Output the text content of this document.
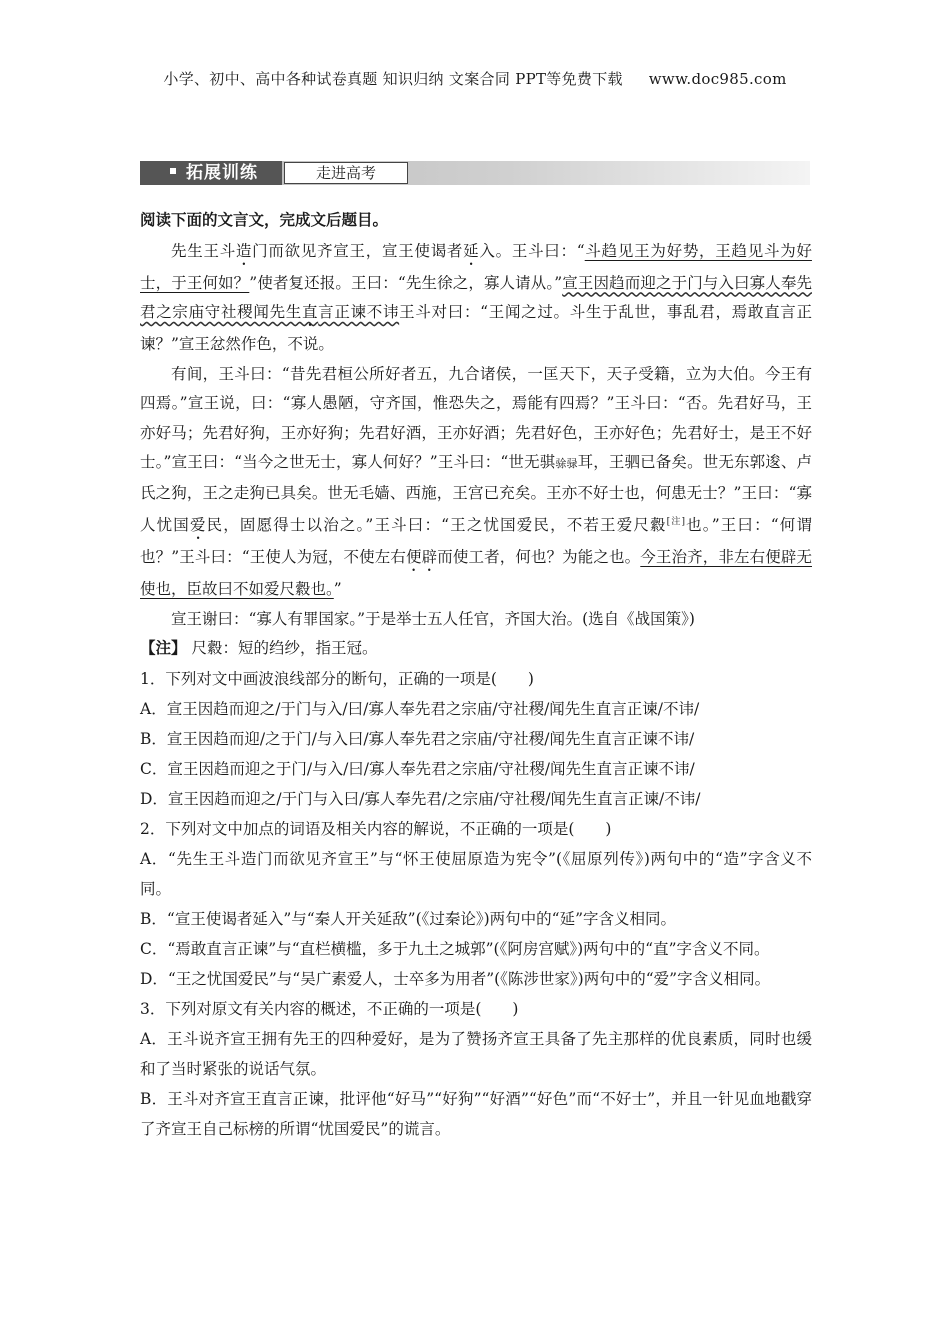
小学、初中、高中各种试卷真题 知识归纳 文案合同 PPT等免费下载 www.doc985.com
拓展训练	走进高考

阅读下面的文言文，完成文后题目。

先生王斗造门而欲见齐宣王，宣王使谒者延入。王斗曰：“斗趋见王为好势，王趋见斗为好士，于王何如？”使者复还报。王曰：“先生徐之，寡人请从。”宣王因趋而迎之于门与入曰寡人奉先君之宗庙守社稷闻先生直言正谏不讳王斗对曰：“王闻之过。斗生于乱世，事乱君，焉敢直言正谏？”宣王忿然作色，不说。

有间，王斗曰：“昔先君桓公所好者五，九合诸侯，一匡天下，天子受籍，立为大伯。今王有四焉。”宣王说，曰：“寡人愚陋，守齐国，惟恐失之，焉能有四焉？”王斗曰：“否。先君好马，王亦好马；先君好狗，王亦好狗；先君好酒，王亦好酒；先君好色，王亦好色；先君好士，是王不好士。”宣王曰：“当今之世无士，寡人何好？”王斗曰：“世无骐𬳿𫘧耳，王驷已备矣。世无东郭逡、卢氏之狗，王之走狗已具矣。世无毛嫱、西施，王宫已充矣。王亦不好士也，何患无士？”王曰：“寡人忧国爱民，固愿得士以治之。”王斗曰：“王之忧国爱民，不若王爱尺縠[注]也。”王曰：“何谓也？”王斗曰：“王使人为冠，不使左右便辟而使工者，何也？为能之也。今王治齐，非左右便辟无使也，臣故曰不如爱尺縠也。”

宣王谢曰：“寡人有罪国家。”于是举士五人任官，齐国大治。(选自《战国策》)

【注】 尺縠：短的绉纱，指王冠。

1．下列对文中画波浪线部分的断句，正确的一项是(　　)

A．宣王因趋而迎之/于门与入/曰/寡人奉先君之宗庙/守社稷/闻先生直言正谏/不讳/

B．宣王因趋而迎/之于门/与入曰/寡人奉先君之宗庙/守社稷/闻先生直言正谏不讳/

C．宣王因趋而迎之于门/与入/曰/寡人奉先君之宗庙/守社稷/闻先生直言正谏不讳/

D．宣王因趋而迎之/于门与入曰/寡人奉先君/之宗庙/守社稷/闻先生直言正谏/不讳/

2．下列对文中加点的词语及相关内容的解说，不正确的一项是(　　)

A．“先生王斗造门而欲见齐宣王”与“怀王使屈原造为宪令”(《屈原列传》)两句中的“造”字含义不同。

B．“宣王使谒者延入”与“秦人开关延敌”(《过秦论》)两句中的“延”字含义相同。

C．“焉敢直言正谏”与“直栏横槛，多于九土之城郭”(《阿房宫赋》)两句中的“直”字含义不同。

D．“王之忧国爱民”与“吴广素爱人，士卒多为用者”(《陈涉世家》)两句中的“爱”字含义相同。

3．下列对原文有关内容的概述，不正确的一项是(　　)

A．王斗说齐宣王拥有先王的四种爱好，是为了赞扬齐宣王具备了先主那样的优良素质，同时也缓和了当时紧张的说话气氛。

B．王斗对齐宣王直言正谏，批评他“好马”“好狗”“好酒”“好色”而“不好士”，并且一针见血地戳穿了齐宣王自己标榜的所谓“忧国爱民”的谎言。
